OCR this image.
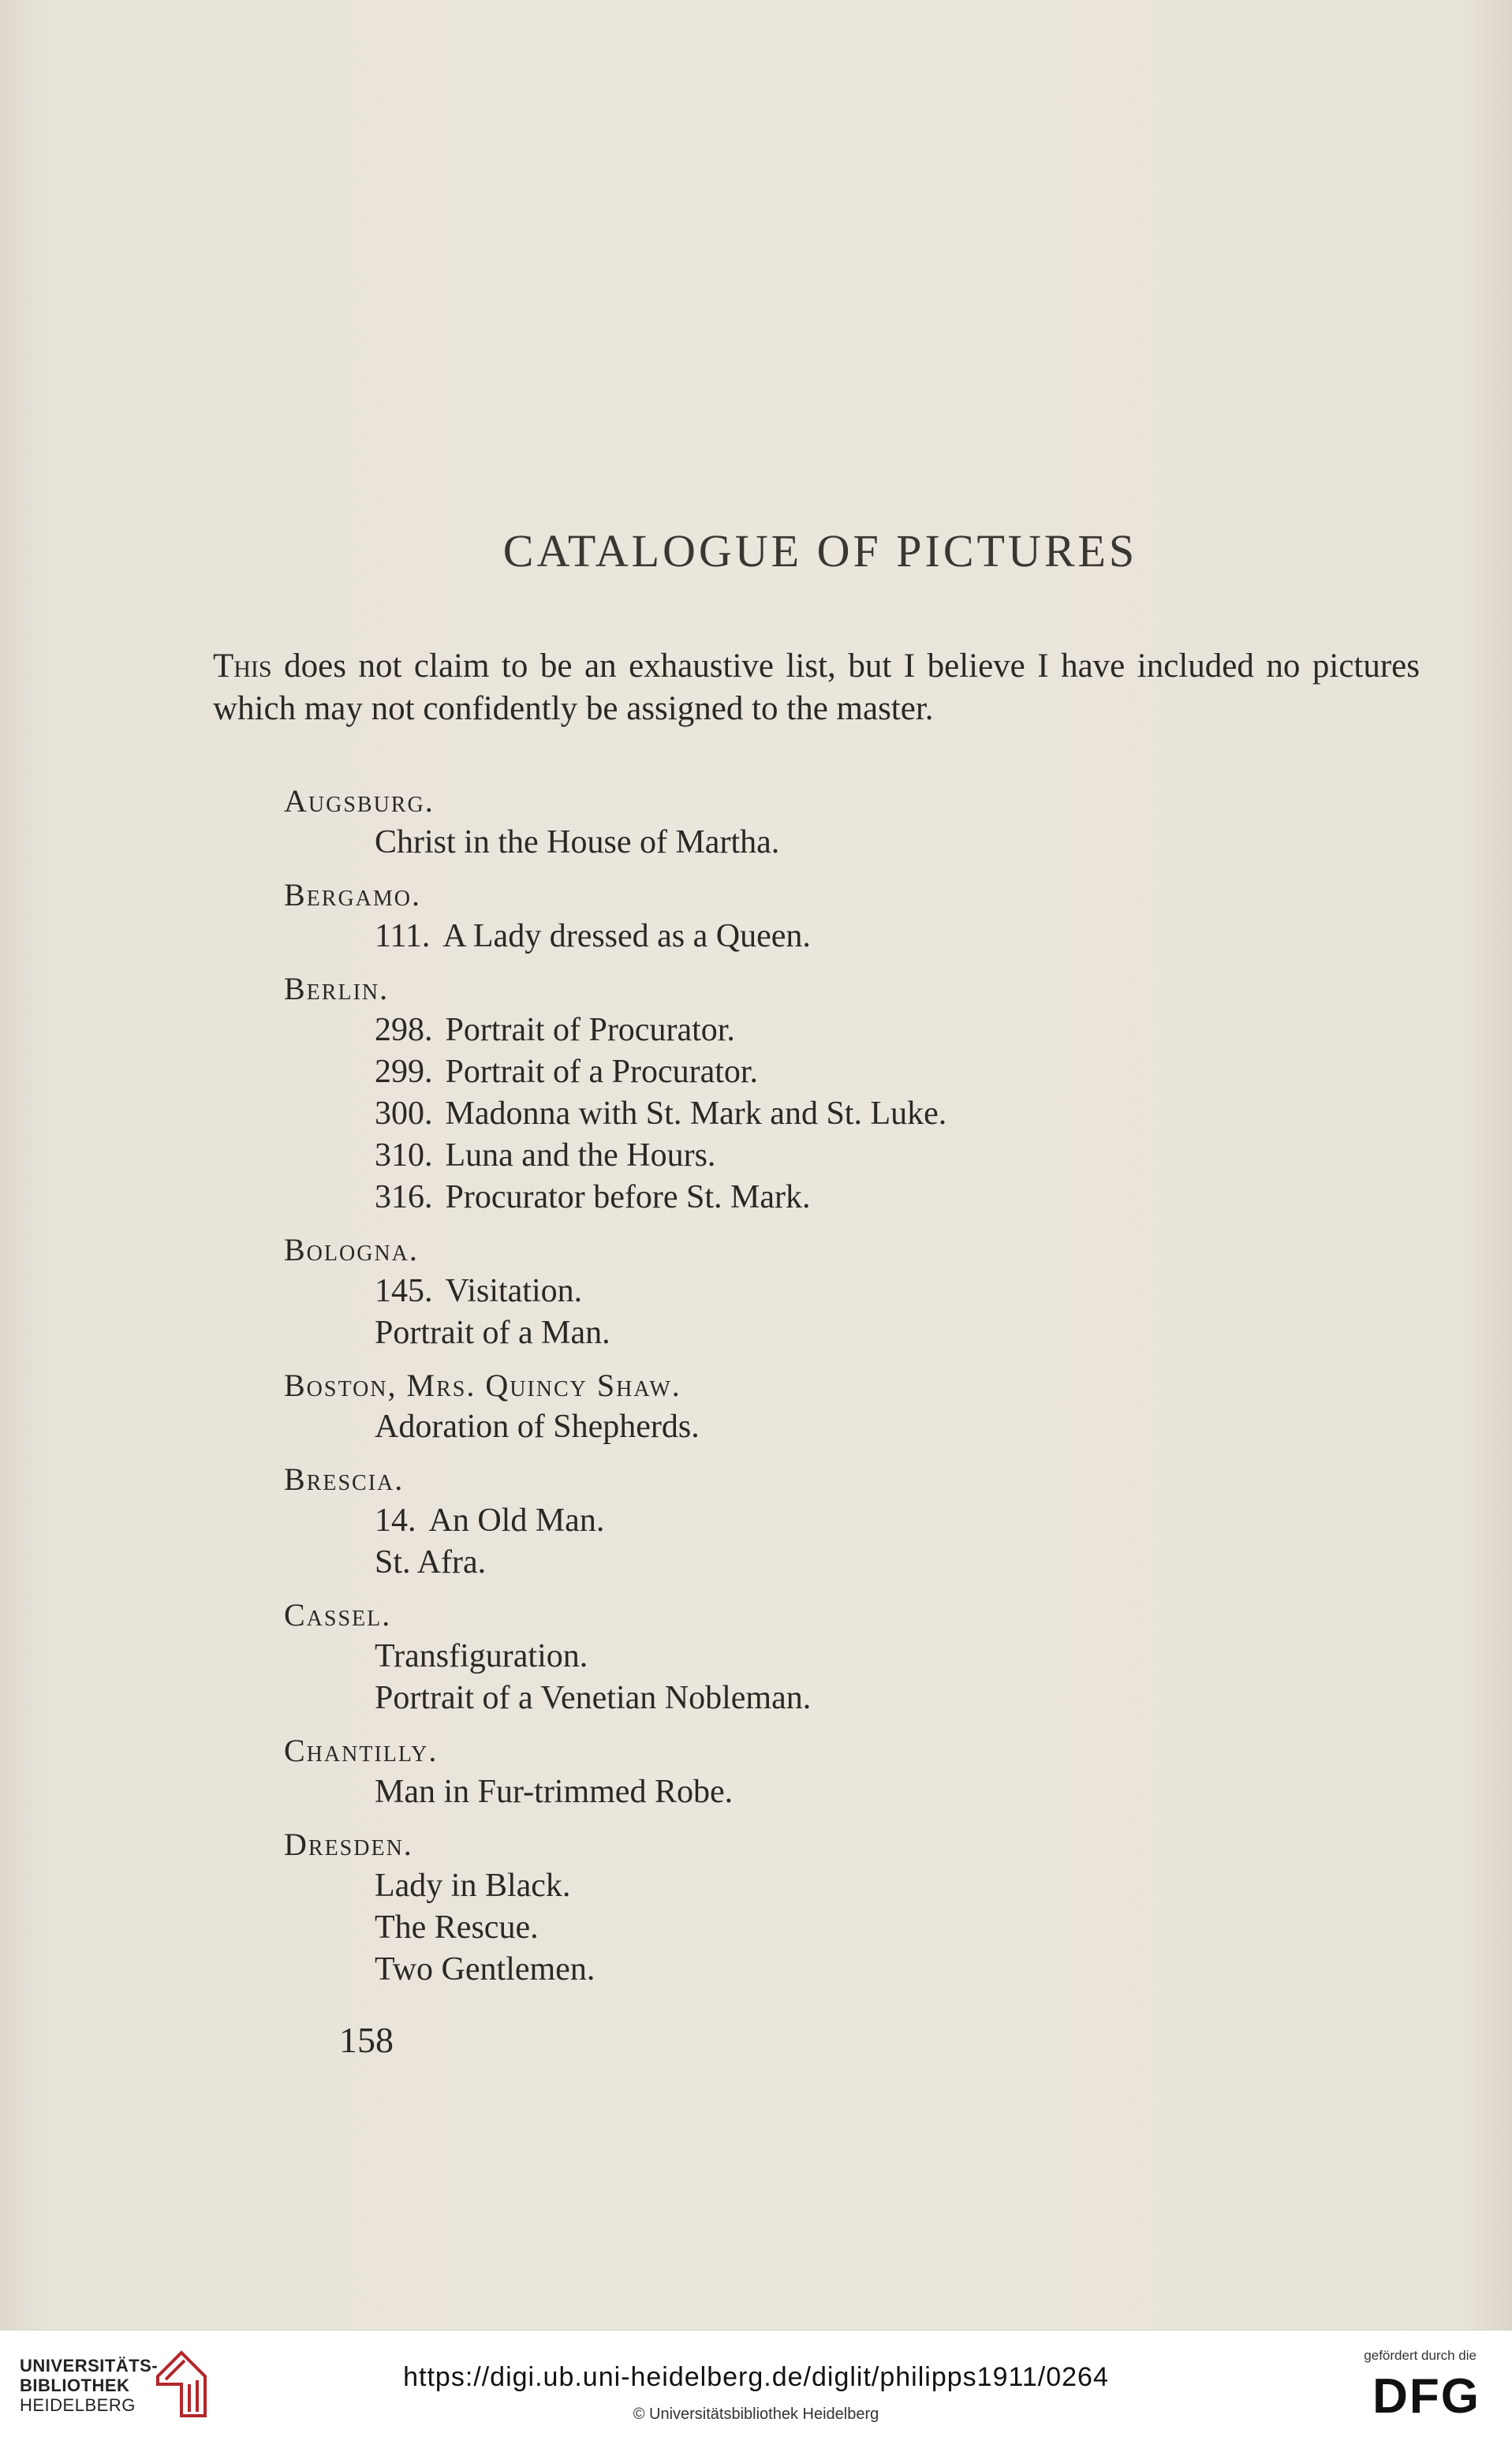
CATALOGUE OF PICTURES
This does not claim to be an exhaustive list, but I believe I have included no pictures which may not confidently be assigned to the master.
Augsburg.
Christ in the House of Martha.
Bergamo.
111. A Lady dressed as a Queen.
Berlin.
298. Portrait of Procurator.
299. Portrait of a Procurator.
300. Madonna with St. Mark and St. Luke.
310. Luna and the Hours.
316. Procurator before St. Mark.
Bologna.
145. Visitation.
Portrait of a Man.
Boston, Mrs. Quincy Shaw.
Adoration of Shepherds.
Brescia.
14. An Old Man.
St. Afra.
Cassel.
Transfiguration.
Portrait of a Venetian Nobleman.
Chantilly.
Man in Fur-trimmed Robe.
Dresden.
Lady in Black.
The Rescue.
Two Gentlemen.
158
UNIVERSITÄTS-
BIBLIOTHEK
HEIDELBERG
https://digi.ub.uni-heidelberg.de/diglit/philipps1911/0264
© Universitätsbibliothek Heidelberg
gefördert durch die
DFG
